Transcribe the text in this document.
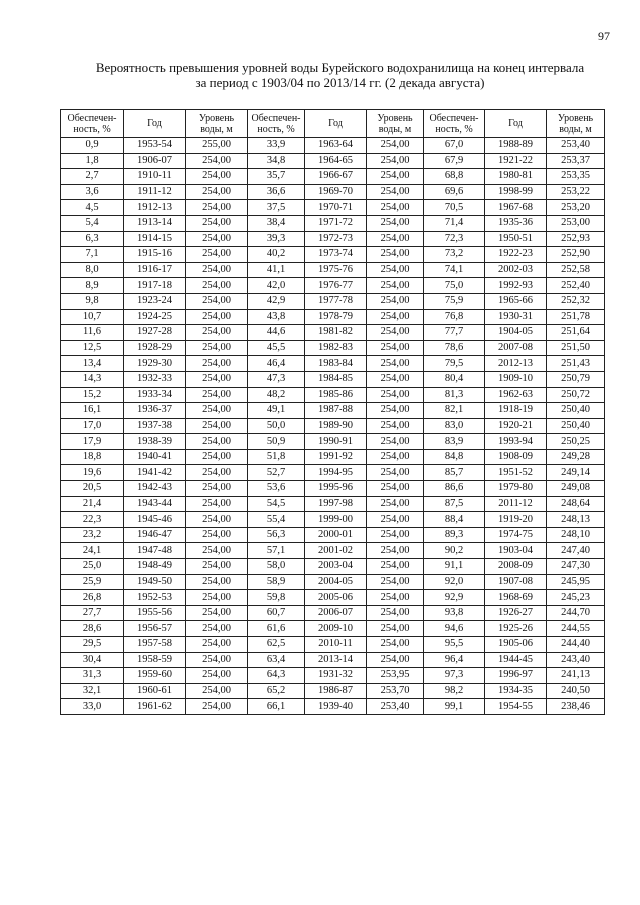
97
Вероятность превышения уровней воды Бурейского водохранилища на конец интервала
за период с 1903/04 по 2013/14 гг. (2 декада августа)
Обеспечен-ность, %	Год	Уровень воды, м	Обеспечен-ность, %	Год	Уровень воды, м	Обеспечен-ность, %	Год	Уровень воды, м
0,9	1953-54	255,00	33,9	1963-64	254,00	67,0	1988-89	253,40
1,8	1906-07	254,00	34,8	1964-65	254,00	67,9	1921-22	253,37
2,7	1910-11	254,00	35,7	1966-67	254,00	68,8	1980-81	253,35
3,6	1911-12	254,00	36,6	1969-70	254,00	69,6	1998-99	253,22
4,5	1912-13	254,00	37,5	1970-71	254,00	70,5	1967-68	253,20
5,4	1913-14	254,00	38,4	1971-72	254,00	71,4	1935-36	253,00
6,3	1914-15	254,00	39,3	1972-73	254,00	72,3	1950-51	252,93
7,1	1915-16	254,00	40,2	1973-74	254,00	73,2	1922-23	252,90
8,0	1916-17	254,00	41,1	1975-76	254,00	74,1	2002-03	252,58
8,9	1917-18	254,00	42,0	1976-77	254,00	75,0	1992-93	252,40
9,8	1923-24	254,00	42,9	1977-78	254,00	75,9	1965-66	252,32
10,7	1924-25	254,00	43,8	1978-79	254,00	76,8	1930-31	251,78
11,6	1927-28	254,00	44,6	1981-82	254,00	77,7	1904-05	251,64
12,5	1928-29	254,00	45,5	1982-83	254,00	78,6	2007-08	251,50
13,4	1929-30	254,00	46,4	1983-84	254,00	79,5	2012-13	251,43
14,3	1932-33	254,00	47,3	1984-85	254,00	80,4	1909-10	250,79
15,2	1933-34	254,00	48,2	1985-86	254,00	81,3	1962-63	250,72
16,1	1936-37	254,00	49,1	1987-88	254,00	82,1	1918-19	250,40
17,0	1937-38	254,00	50,0	1989-90	254,00	83,0	1920-21	250,40
17,9	1938-39	254,00	50,9	1990-91	254,00	83,9	1993-94	250,25
18,8	1940-41	254,00	51,8	1991-92	254,00	84,8	1908-09	249,28
19,6	1941-42	254,00	52,7	1994-95	254,00	85,7	1951-52	249,14
20,5	1942-43	254,00	53,6	1995-96	254,00	86,6	1979-80	249,08
21,4	1943-44	254,00	54,5	1997-98	254,00	87,5	2011-12	248,64
22,3	1945-46	254,00	55,4	1999-00	254,00	88,4	1919-20	248,13
23,2	1946-47	254,00	56,3	2000-01	254,00	89,3	1974-75	248,10
24,1	1947-48	254,00	57,1	2001-02	254,00	90,2	1903-04	247,40
25,0	1948-49	254,00	58,0	2003-04	254,00	91,1	2008-09	247,30
25,9	1949-50	254,00	58,9	2004-05	254,00	92,0	1907-08	245,95
26,8	1952-53	254,00	59,8	2005-06	254,00	92,9	1968-69	245,23
27,7	1955-56	254,00	60,7	2006-07	254,00	93,8	1926-27	244,70
28,6	1956-57	254,00	61,6	2009-10	254,00	94,6	1925-26	244,55
29,5	1957-58	254,00	62,5	2010-11	254,00	95,5	1905-06	244,40
30,4	1958-59	254,00	63,4	2013-14	254,00	96,4	1944-45	243,40
31,3	1959-60	254,00	64,3	1931-32	253,95	97,3	1996-97	241,13
32,1	1960-61	254,00	65,2	1986-87	253,70	98,2	1934-35	240,50
33,0	1961-62	254,00	66,1	1939-40	253,40	99,1	1954-55	238,46
